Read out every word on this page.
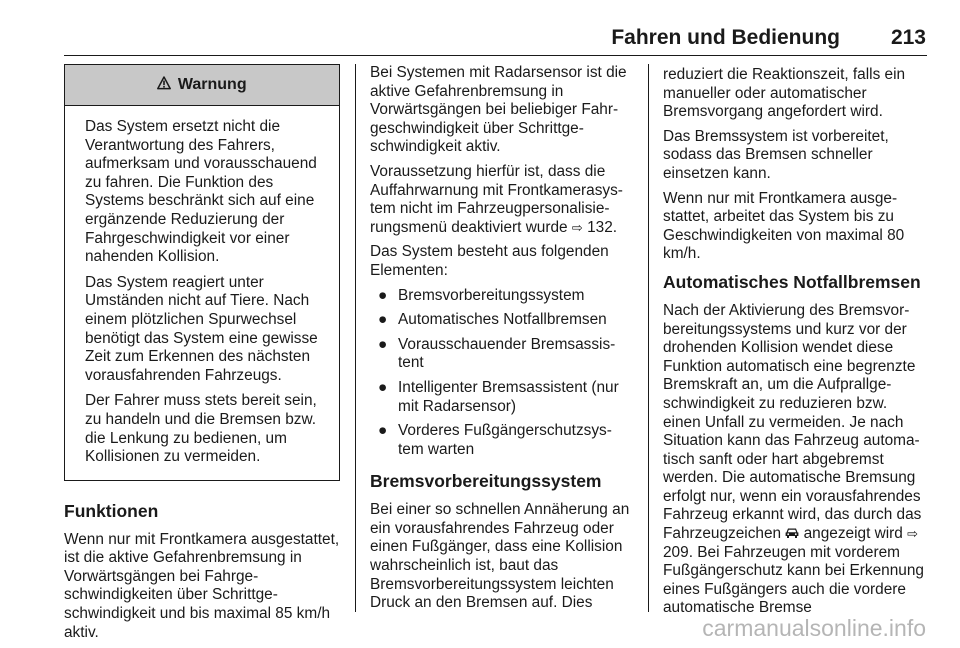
Fahren und Bedienung	213
Warnung

Das System ersetzt nicht die Verantwortung des Fahrers, aufmerksam und vorausschauend zu fahren. Die Funktion des Systems beschränkt sich auf eine ergänzende Reduzierung der Fahrgeschwindigkeit vor einer nahenden Kollision.

Das System reagiert unter Umständen nicht auf Tiere. Nach einem plötzlichen Spurwechsel benötigt das System eine gewisse Zeit zum Erkennen des nächsten vorausfahrenden Fahrzeugs.

Der Fahrer muss stets bereit sein, zu handeln und die Bremsen bzw. die Lenkung zu bedienen, um Kollisionen zu vermeiden.

Funktionen

Wenn nur mit Frontkamera ausgestattet, ist die aktive Gefahrenbremsung in Vorwärtsgängen bei Fahrgeschwindigkeiten über Schrittgeschwindigkeit und bis maximal 85 km/h aktiv.

Bei Systemen mit Radarsensor ist die aktive Gefahrenbremsung in Vorwärtsgängen bei beliebiger Fahrgeschwindigkeit über Schrittgeschwindigkeit aktiv.

Voraussetzung hierfür ist, dass die Auffahrwarnung mit Frontkamerasystem nicht im Fahrzeugpersonalisierungsmenü deaktiviert wurde ⇨ 132.

Das System besteht aus folgenden Elementen:

● Bremsvorbereitungssystem
● Automatisches Notfallbremsen
● Vorausschauender Bremsassistent
● Intelligenter Bremsassistent (nur mit Radarsensor)
● Vorderes Fußgängerschutzsystem warten
Bremsvorbereitungssystem

Bei einer so schnellen Annäherung an ein vorausfahrendes Fahrzeug oder einen Fußgänger, dass eine Kollision wahrscheinlich ist, baut das Bremsvorbereitungssystem leichten Druck an den Bremsen auf. Dies

reduziert die Reaktionszeit, falls ein manueller oder automatischer Bremsvorgang angefordert wird.

Das Bremssystem ist vorbereitet, sodass das Bremsen schneller einsetzen kann.

Wenn nur mit Frontkamera ausgestattet, arbeitet das System bis zu Geschwindigkeiten von maximal 80 km/h.

Automatisches Notfallbremsen

Nach der Aktivierung des Bremsvorbereitungssystems und kurz vor der drohenden Kollision wendet diese Funktion automatisch eine begrenzte Bremskraft an, um die Aufprallgeschwindigkeit zu reduzieren bzw. einen Unfall zu vermeiden. Je nach Situation kann das Fahrzeug automatisch sanft oder hart abgebremst werden. Die automatische Bremsung erfolgt nur, wenn ein vorausfahrendes Fahrzeug erkannt wird, das durch das Fahrzeugzeichen  angezeigt wird ⇨ 209. Bei Fahrzeugen mit vorderem Fußgängerschutz kann bei Erkennung eines Fußgängers auch die vordere automatische Bremse

carmanualsonline.info
